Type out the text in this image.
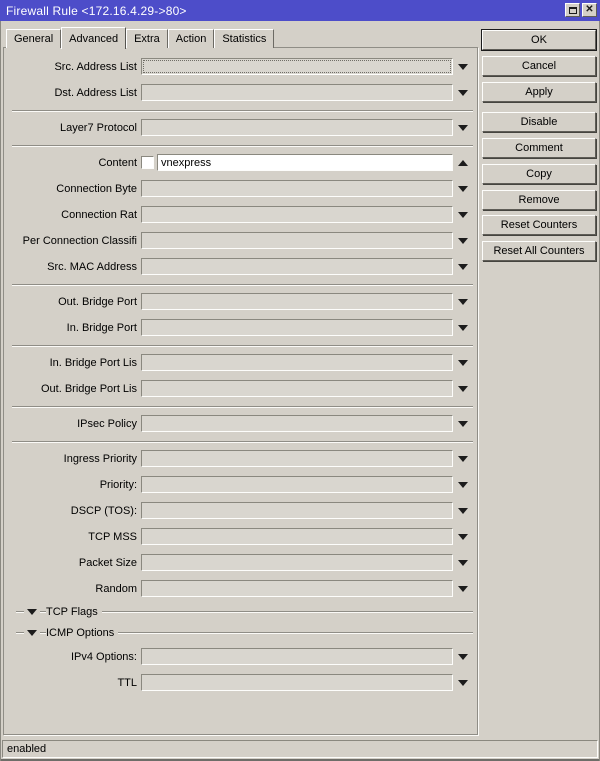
Firewall Rule <172.16.4.29->80>	✕
General Advanced Extra Action Statistics
Src. Address List
Dst. Address List
Layer7 Protocol
Content
vnexpress
Connection Byte
Connection Rat
Per Connection Classifi
Src. MAC Address
Out. Bridge Port
In. Bridge Port
In. Bridge Port Lis
Out. Bridge Port Lis
IPsec Policy
Ingress Priority
Priority:
DSCP (TOS):
TCP MSS
Packet Size
Random
TCP Flags
ICMP Options
IPv4 Options:
TTL
OK
Cancel
Apply
Disable
Comment
Copy
Remove
Reset Counters
Reset All Counters
enabled
